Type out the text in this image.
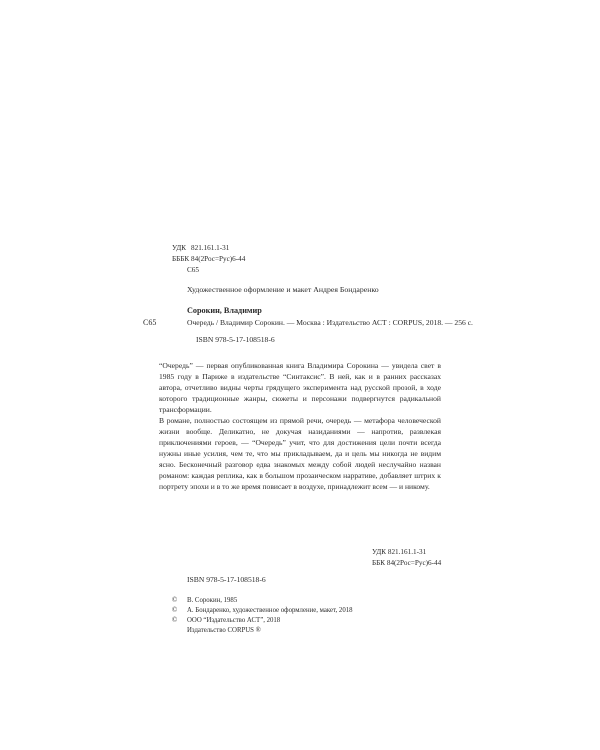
УДК 821.161.1-31
БББК 84(2Рос=Рус)6-44
С65
Художественное оформление и макет Андрея Бондаренко
Сорокин, Владимир
С65	Очередь / Владимир Сорокин. — Москва : Издательство АСТ : CORPUS, 2018. — 256 с.
ISBN 978-5-17-108518-6

“Очередь” — первая опубликованная книга Владимира Сорокина — увидела свет в 1985 году в Париже в издательстве “Синтаксис”. В ней, как и в ранних рассказах автора, отчетливо видны черты грядущего эксперимента над русской прозой, в ходе которого традиционные жанры, сюжеты и персонажи подвергнутся радикальной трансформации.

В романе, полностью состоящем из прямой речи, очередь — метафора человеческой жизни вообще. Деликатно, не докучая назиданиями — напротив, развлекая приключениями героев, — “Очередь” учит, что для достижения цели почти всегда нужны иные усилия, чем те, что мы прикладываем, да и цель мы никогда не видим ясно. Бесконечный разговор едва знакомых между собой людей неслучайно назван романом: каждая реплика, как в большом прозаическом нарративе, добавляет штрих к портрету эпохи и в то же время повисает в воздухе, принадлежит всем — и никому.

УДК 821.161.1-31
ББК 84(2Рос=Рус)6-44
ISBN 978-5-17-108518-6
©	В. Сорокин, 1985
©	А. Бондаренко, художественное оформление, макет, 2018
©	ООО “Издательство АСТ”, 2018
Издательство CORPUS ®
